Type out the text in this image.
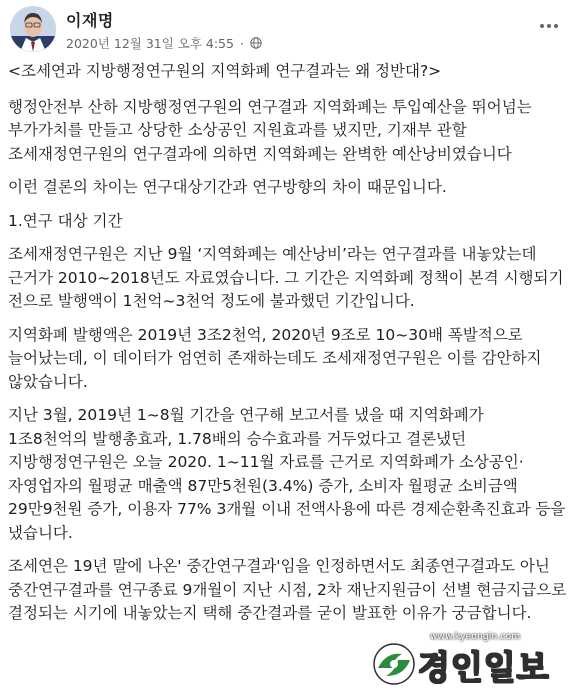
이재명
2020년 12월 31일 오후 4:55 ·

<조세연과 지방행정연구원의 지역화폐 연구결과는 왜 정반대?>

행정안전부 산하 지방행정연구원의 연구결과 지역화폐는 투입예산을 뛰어넘는 부가가치를 만들고 상당한 소상공인 지원효과를 냈지만, 기재부 관할 조세재정연구원의 연구결과에 의하면 지역화폐는 완벽한 예산낭비였습니다

이런 결론의 차이는 연구대상기간과 연구방향의 차이 때문입니다.

1.연구 대상 기간

조세재정연구원은 지난 9월 ‘지역화폐는 예산낭비’라는 연구결과를 내놓았는데 근거가 2010~2018년도 자료였습니다. 그 기간은 지역화폐 정책이 본격 시행되기 전으로 발행액이 1천억~3천억 정도에 불과했던 기간입니다.

지역화폐 발행액은 2019년 3조2천억, 2020년 9조로 10~30배 폭발적으로 늘어났는데, 이 데이터가 엄연히 존재하는데도 조세재정연구원은 이를 감안하지 않았습니다.

지난 3월, 2019년 1~8월 기간을 연구해 보고서를 냈을 때 지역화폐가 1조8천억의 발행총효과, 1.78배의 승수효과를 거두었다고 결론냈던 지방행정연구원은 오늘 2020. 1~11월 자료를 근거로 지역화폐가 소상공인·자영업자의 월평균 매출액 87만5천원(3.4%) 증가, 소비자 월평균 소비금액 29만9천원 증가, 이용자 77% 3개월 이내 전액사용에 따른 경제순환촉진효과 등을 냈습니다.

조세연은 19년 말에 나온' 중간연구결과'임을 인정하면서도 최종연구결과도 아닌 중간연구결과를 연구종료 9개월이 지난 시점, 2차 재난지원금이 선별 현금지급으로 결정되는 시기에 내놓았는지 택해 중간결과를 굳이 발표한 이유가 궁금합니다.

www.kyeongin.com
경인일보
